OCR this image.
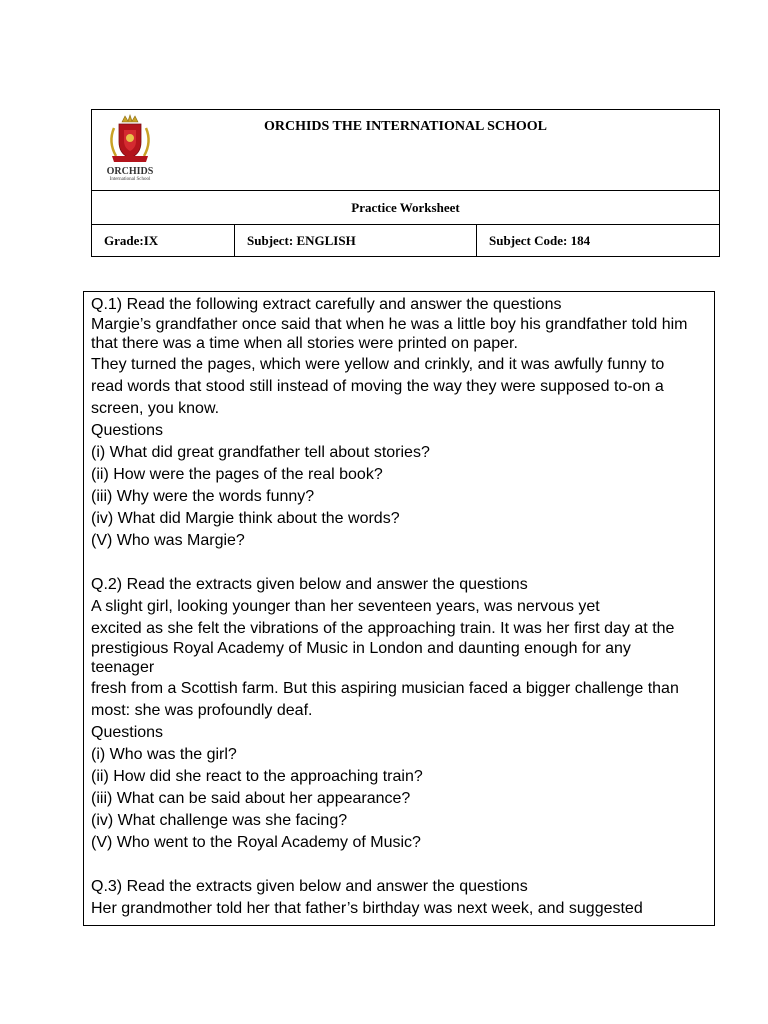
ORCHIDS
International School
ORCHIDS THE INTERNATIONAL SCHOOL
Practice Worksheet
Grade:IX	Subject: ENGLISH	Subject Code: 184
Q.1) Read the following extract carefully and answer the questions
Margie’s grandfather once said that when he was a little boy his grandfather told him
that there was a time when all stories were printed on paper.
They turned the pages, which were yellow and crinkly, and it was awfully funny to
read words that stood still instead of moving the way they were supposed to-on a
screen, you know.
Questions
(i) What did great grandfather tell about stories?
(ii) How were the pages of the real book?
(iii) Why were the words funny?
(iv) What did Margie think about the words?
(V) Who was Margie?
Q.2) Read the extracts given below and answer the questions
A slight girl, looking younger than her seventeen years, was nervous yet
excited as she felt the vibrations of the approaching train. It was her first day at the
prestigious Royal Academy of Music in London and daunting enough for any
teenager
fresh from a Scottish farm. But this aspiring musician faced a bigger challenge than
most: she was profoundly deaf.
Questions
(i) Who was the girl?
(ii) How did she react to the approaching train?
(iii) What can be said about her appearance?
(iv) What challenge was she facing?
(V) Who went to the Royal Academy of Music?
Q.3) Read the extracts given below and answer the questions
Her grandmother told her that father’s birthday was next week, and suggested
